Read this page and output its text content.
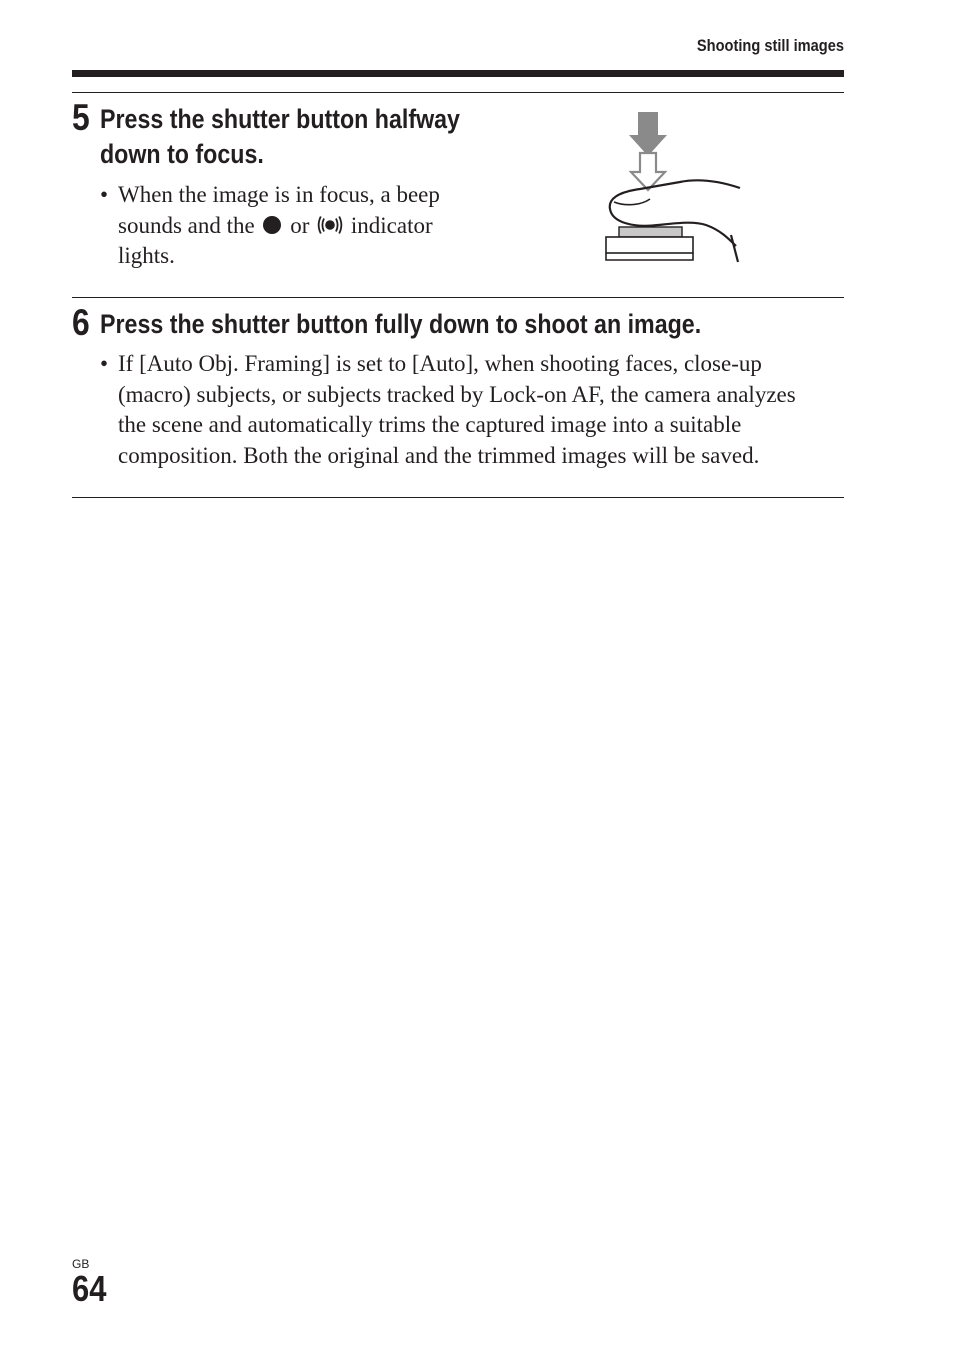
Shooting still images
5 Press the shutter button halfway
down to focus.
• When the image is in focus, a beep
sounds and the or indicator
lights.
6 Press the shutter button fully down to shoot an image.
• If [Auto Obj. Framing] is set to [Auto], when shooting faces, close-up
(macro) subjects, or subjects tracked by Lock-on AF, the camera analyzes
the scene and automatically trims the captured image into a suitable
composition. Both the original and the trimmed images will be saved.
GB
64
